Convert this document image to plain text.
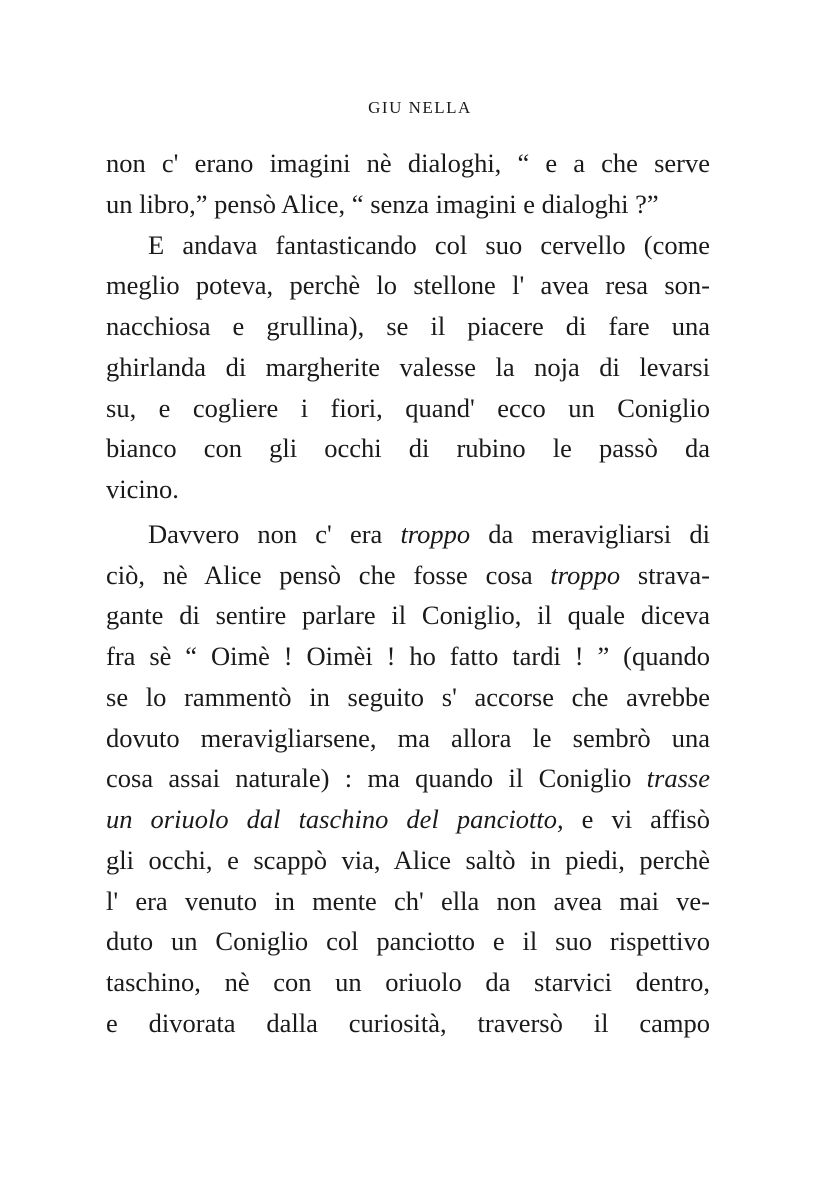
GIU NELLA
non c' erano imagini nè dialoghi, “ e a che serve
un libro,” pensò Alice, “ senza imagini e dialoghi ?”
E andava fantasticando col suo cervello (come
meglio poteva, perchè lo stellone l' avea resa son-
nacchiosa e grullina), se il piacere di fare una
ghirlanda di margherite valesse la noja di levarsi
su, e cogliere i fiori, quand' ecco un Coniglio
bianco con gli occhi di rubino le passò da
vicino.
Davvero non c' era troppo da meravigliarsi di
ciò, nè Alice pensò che fosse cosa troppo strava-
gante di sentire parlare il Coniglio, il quale diceva
fra sè “ Oimè ! Oimèi ! ho fatto tardi ! ” (quando
se lo rammentò in seguito s' accorse che avrebbe
dovuto meravigliarsene, ma allora le sembrò una
cosa assai naturale) : ma quando il Coniglio trasse
un oriuolo dal taschino del panciotto, e vi affisò
gli occhi, e scappò via, Alice saltò in piedi, perchè
l' era venuto in mente ch' ella non avea mai ve-
duto un Coniglio col panciotto e il suo rispettivo
taschino, nè con un oriuolo da starvici dentro,
e divorata dalla curiosità, traversò il campo
